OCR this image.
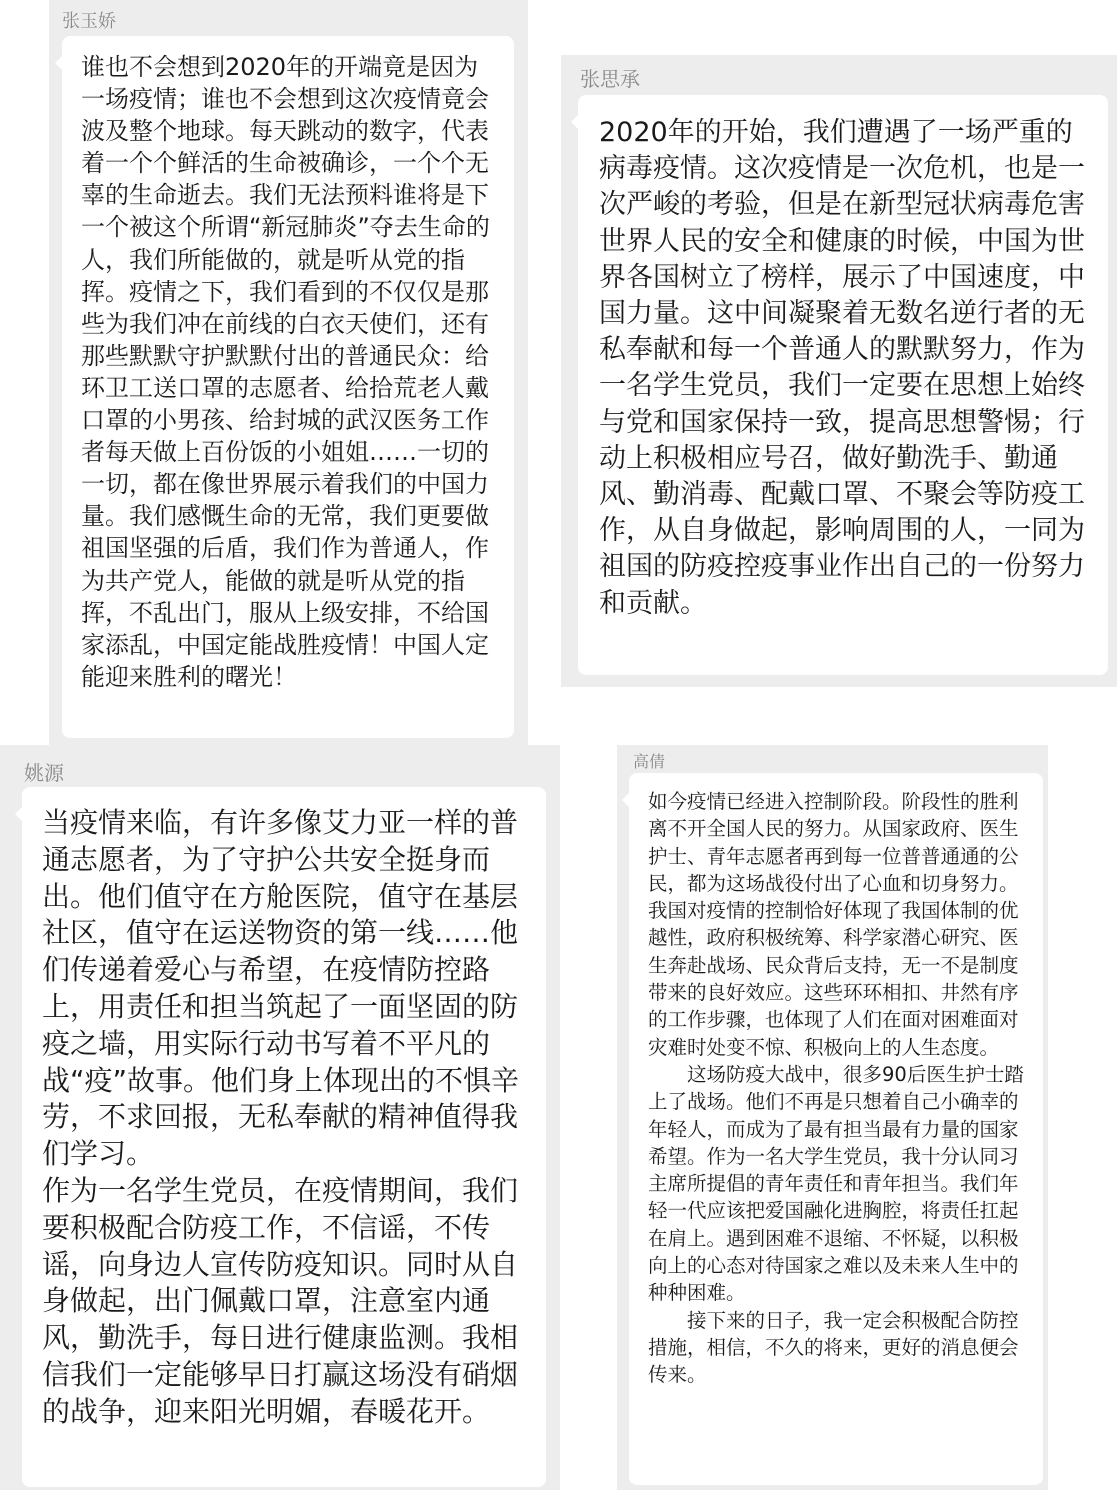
张玉娇

谁也不会想到2020年的开端竟是因为一场疫情；谁也不会想到这次疫情竟会波及整个地球。每天跳动的数字，代表着一个个鲜活的生命被确诊，一个个无辜的生命逝去。我们无法预料谁将是下一个被这个所谓“新冠肺炎”夺去生命的人，我们所能做的，就是听从党的指挥。疫情之下，我们看到的不仅仅是那些为我们冲在前线的白衣天使们，还有那些默默守护默默付出的普通民众：给环卫工送口罩的志愿者、给拾荒老人戴口罩的小男孩、给封城的武汉医务工作者每天做上百份饭的小姐姐……一切的一切，都在像世界展示着我们的中国力量。我们感慨生命的无常，我们更要做祖国坚强的后盾，我们作为普通人，作为共产党人，能做的就是听从党的指挥，不乱出门，服从上级安排，不给国家添乱，中国定能战胜疫情！中国人定能迎来胜利的曙光！

张思承

2020年的开始，我们遭遇了一场严重的病毒疫情。这次疫情是一次危机，也是一次严峻的考验，但是在新型冠状病毒危害世界人民的安全和健康的时候，中国为世界各国树立了榜样，展示了中国速度，中国力量。这中间凝聚着无数名逆行者的无私奉献和每一个普通人的默默努力，作为一名学生党员，我们一定要在思想上始终与党和国家保持一致，提高思想警惕；行动上积极相应号召，做好勤洗手、勤通风、勤消毒、配戴口罩、不聚会等防疫工作，从自身做起，影响周围的人，一同为祖国的防疫控疫事业作出自己的一份努力和贡献。

姚源

当疫情来临，有许多像艾力亚一样的普通志愿者，为了守护公共安全挺身而出。他们值守在方舱医院，值守在基层社区，值守在运送物资的第一线……他们传递着爱心与希望，在疫情防控路上，用责任和担当筑起了一面坚固的防疫之墙，用实际行动书写着不平凡的战“疫”故事。他们身上体现出的不惧辛劳，不求回报，无私奉献的精神值得我们学习。
作为一名学生党员，在疫情期间，我们要积极配合防疫工作，不信谣，不传谣，向身边人宣传防疫知识。同时从自身做起，出门佩戴口罩，注意室内通风，勤洗手，每日进行健康监测。我相信我们一定能够早日打赢这场没有硝烟的战争，迎来阳光明媚，春暖花开。

高倩

如今疫情已经进入控制阶段。阶段性的胜利离不开全国人民的努力。从国家政府、医生护士、青年志愿者再到每一位普普通通的公民，都为这场战役付出了心血和切身努力。我国对疫情的控制恰好体现了我国体制的优越性，政府积极统筹、科学家潜心研究、医生奔赴战场、民众背后支持，无一不是制度带来的良好效应。这些环环相扣、井然有序的工作步骤，也体现了人们在面对困难面对灾难时处变不惊、积极向上的人生态度。
这场防疫大战中，很多90后医生护士踏上了战场。他们不再是只想着自己小确幸的年轻人，而成为了最有担当最有力量的国家希望。作为一名大学生党员，我十分认同习主席所提倡的青年责任和青年担当。我们年轻一代应该把爱国融化进胸腔，将责任扛起在肩上。遇到困难不退缩、不怀疑，以积极向上的心态对待国家之难以及未来人生中的种种困难。
接下来的日子，我一定会积极配合防控措施，相信，不久的将来，更好的消息便会传来。
